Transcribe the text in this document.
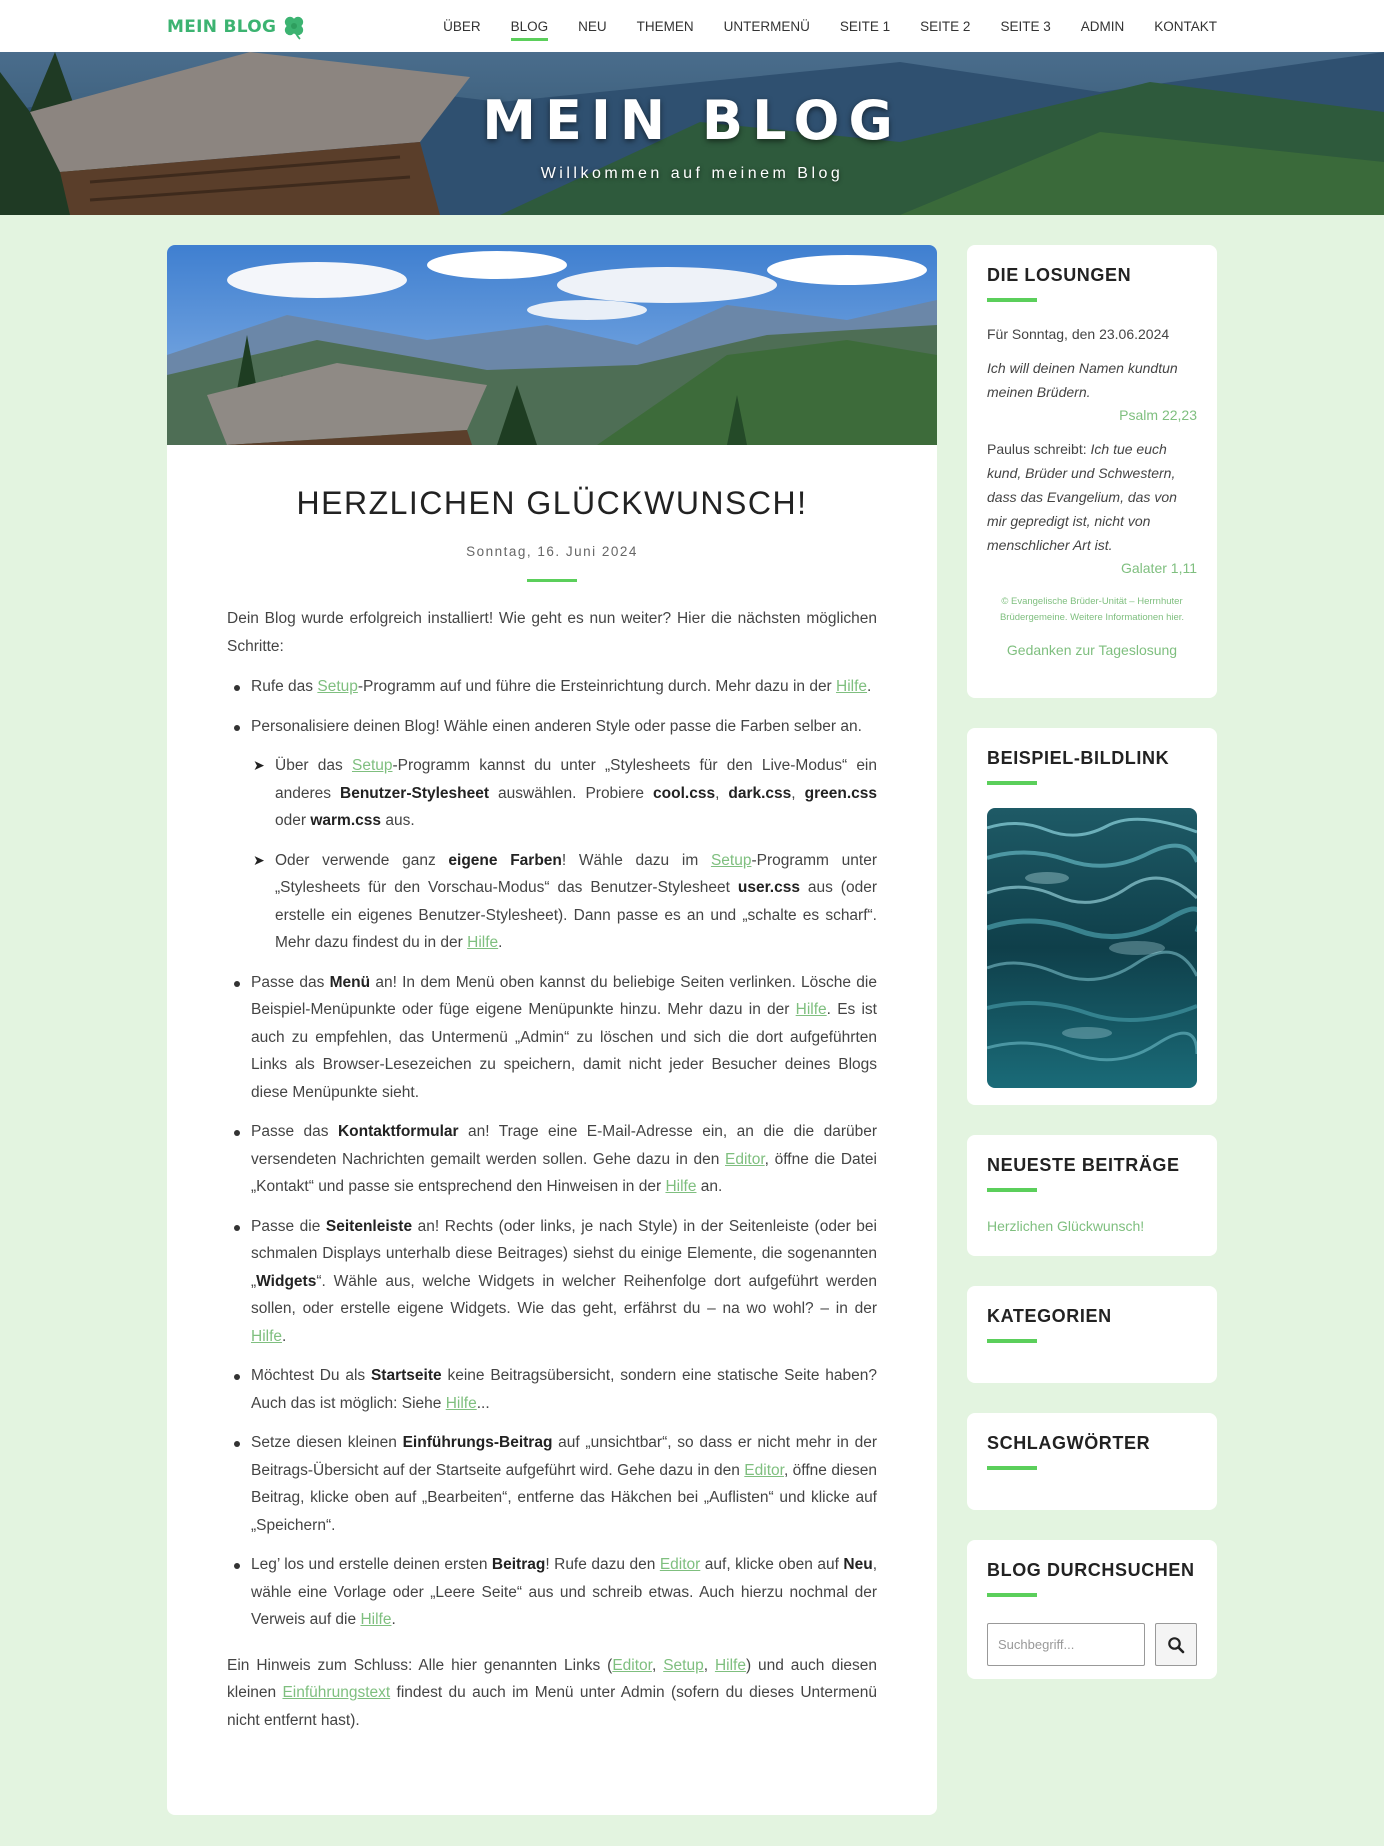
MEIN BLOG	ÜBER	BLOG	NEU	THEMEN	UNTERMENÜ	SEITE 1	SEITE 2	SEITE 3	ADMIN	KONTAKT
MEIN BLOG
Willkommen auf meinem Blog
HERZLICHEN GLÜCKWUNSCH!
Sonntag, 16. Juni 2024

Dein Blog wurde erfolgreich installiert! Wie geht es nun weiter? Hier die nächsten möglichen Schritte:

Rufe das Setup-Programm auf und führe die Ersteinrichtung durch. Mehr dazu in der Hilfe.
Personalisiere deinen Blog! Wähle einen anderen Style oder passe die Farben selber an.
➤ Über das Setup-Programm kannst du unter „Stylesheets für den Live-Modus“ ein anderes Benutzer-Stylesheet auswählen. Probiere cool.css, dark.css, green.css oder warm.css aus.
➤ Oder verwende ganz eigene Farben! Wähle dazu im Setup-Programm unter „Stylesheets für den Vorschau-Modus“ das Benutzer-Stylesheet user.css aus (oder erstelle ein eigenes Benutzer-Stylesheet). Dann passe es an und „schalte es scharf“. Mehr dazu findest du in der Hilfe.
Passe das Menü an! In dem Menü oben kannst du beliebige Seiten verlinken. Lösche die Beispiel-Menüpunkte oder füge eigene Menüpunkte hinzu. Mehr dazu in der Hilfe. Es ist auch zu empfehlen, das Untermenü „Admin“ zu löschen und sich die dort aufgeführten Links als Browser-Lesezeichen zu speichern, damit nicht jeder Besucher deines Blogs diese Menüpunkte sieht.
Passe das Kontaktformular an! Trage eine E-Mail-Adresse ein, an die die darüber versendeten Nachrichten gemailt werden sollen. Gehe dazu in den Editor, öffne die Datei „Kontakt“ und passe sie entsprechend den Hinweisen in der Hilfe an.
Passe die Seitenleiste an! Rechts (oder links, je nach Style) in der Seitenleiste (oder bei schmalen Displays unterhalb diese Beitrages) siehst du einige Elemente, die sogenannten „Widgets“. Wähle aus, welche Widgets in welcher Reihenfolge dort aufgeführt werden sollen, oder erstelle eigene Widgets. Wie das geht, erfährst du – na wo wohl? – in der Hilfe.
Möchtest Du als Startseite keine Beitragsübersicht, sondern eine statische Seite haben? Auch das ist möglich: Siehe Hilfe...
Setze diesen kleinen Einführungs-Beitrag auf „unsichtbar“, so dass er nicht mehr in der Beitrags-Übersicht auf der Startseite aufgeführt wird. Gehe dazu in den Editor, öffne diesen Beitrag, klicke oben auf „Bearbeiten“, entferne das Häkchen bei „Auflisten“ und klicke auf „Speichern“.
Leg’ los und erstelle deinen ersten Beitrag! Rufe dazu den Editor auf, klicke oben auf Neu, wähle eine Vorlage oder „Leere Seite“ aus und schreib etwas. Auch hierzu nochmal der Verweis auf die Hilfe.

Ein Hinweis zum Schluss: Alle hier genannten Links (Editor, Setup, Hilfe) und auch diesen kleinen Einführungstext findest du auch im Menü unter Admin (sofern du dieses Untermenü nicht entfernt hast).

DIE LOSUNGEN
Für Sonntag, den 23.06.2024
Ich will deinen Namen kundtun meinen Brüdern.
Psalm 22,23
Paulus schreibt: Ich tue euch kund, Brüder und Schwestern, dass das Evangelium, das von mir gepredigt ist, nicht von menschlicher Art ist.
Galater 1,11
© Evangelische Brüder-Unität – Herrnhuter Brüdergemeine. Weitere Informationen hier.
Gedanken zur Tageslosung
BEISPIEL-BILDLINK
NEUESTE BEITRÄGE
Herzlichen Glückwunsch!
KATEGORIEN
SCHLAGWÖRTER
BLOG DURCHSUCHEN
Suchbegriff...
